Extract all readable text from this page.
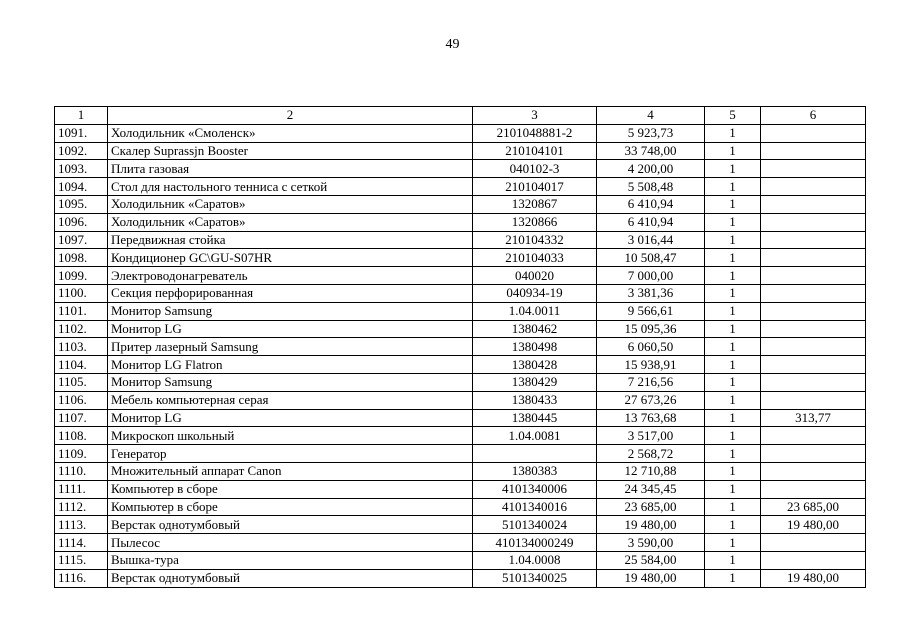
49
1	2	3	4	5	6
1091.	Холодильник «Смоленск»	2101048881-2	5 923,73	1	
1092.	Скалер Suprassjn Booster	210104101	33 748,00	1	
1093.	Плита газовая	040102-3	4 200,00	1	
1094.	Стол для настольного тенниса с сеткой	210104017	5 508,48	1	
1095.	Холодильник «Саратов»	1320867	6 410,94	1	
1096.	Холодильник «Саратов»	1320866	6 410,94	1	
1097.	Передвижная стойка	210104332	3 016,44	1	
1098.	Кондиционер GC\GU-S07HR	210104033	10 508,47	1	
1099.	Электроводонагреватель	040020	7 000,00	1	
1100.	Секция перфорированная	040934-19	3 381,36	1	
1101.	Монитор Samsung	1.04.0011	9 566,61	1	
1102.	Монитор LG	1380462	15 095,36	1	
1103.	Притер лазерный Samsung	1380498	6 060,50	1	
1104.	Монитор LG Flatron	1380428	15 938,91	1	
1105.	Монитор Samsung	1380429	7 216,56	1	
1106.	Мебель компьютерная серая	1380433	27 673,26	1	
1107.	Монитор LG	1380445	13 763,68	1	313,77
1108.	Микроскоп школьный	1.04.0081	3 517,00	1	
1109.	Генератор		2 568,72	1	
1110.	Множительный аппарат Canon	1380383	12 710,88	1	
1111.	Компьютер в сборе	4101340006	24 345,45	1	
1112.	Компьютер в сборе	4101340016	23 685,00	1	23 685,00
1113.	Верстак однотумбовый	5101340024	19 480,00	1	19 480,00
1114.	Пылесос	410134000249	3 590,00	1	
1115.	Вышка-тура	1.04.0008	25 584,00	1	
1116.	Верстак однотумбовый	5101340025	19 480,00	1	19 480,00
